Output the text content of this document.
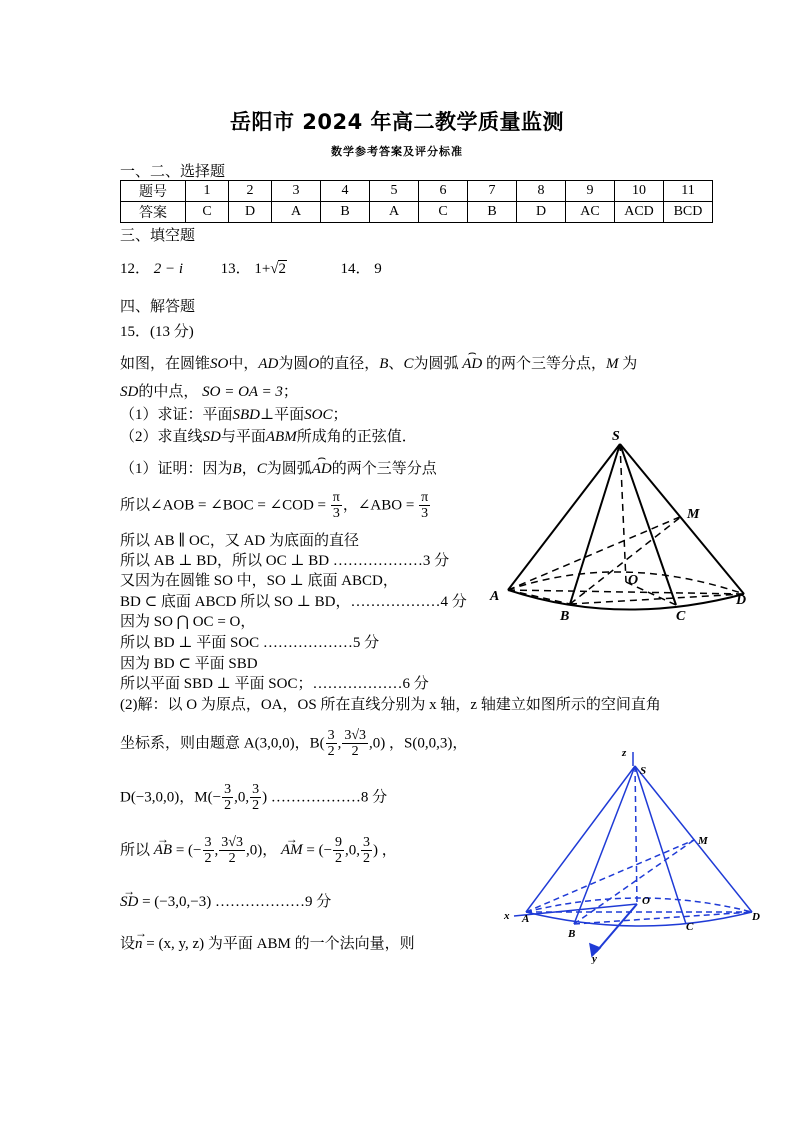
岳阳市 2024 年高二教学质量监测
数学参考答案及评分标准
一、二、选择题
题号	1	2	3	4	5	6	7	8	9	10	11
答案	C	D	A	B	A	C	B	D	AC	ACD	BCD
三、填空题
12． 2 − i	13． 1+√2	14． 9
四、解答题
15．(13 分)
如图，在圆锥SO中，AD为圆O的直径，B、C为圆弧 ⌢ AD 的两个三等分点，M 为
SD的中点， SO = OA = 3；
（1）求证：平面SBD⊥平面SOC；
（2）求直线SD与平面ABM所成角的正弦值．
（1）证明：因为B，C为圆弧⌢ AD的两个三等分点
所以∠AOB = ∠BOC = ∠COD = $\frac{\pi}{3}$ ，∠ABO = $\frac{\pi}{3}$
所以 AB ∥ OC，又 AD 为底面的直径
所以 AB ⊥ BD，所以 OC ⊥ BD ………………3 分
又因为在圆锥 SO 中，SO ⊥ 底面 ABCD，
BD ⊂ 底面 ABCD 所以 SO ⊥ BD，………………4 分
因为 SO ⋂ OC = O，
所以 BD ⊥ 平面 SOC ………………5 分
因为 BD ⊂ 平面 SBD
所以平面 SBD ⊥ 平面 SOC；………………6 分
(2)解：以 O 为原点，OA，OS 所在直线分别为 x 轴，z 轴建立如图所示的空间直角
坐标系，则由题意 A(3,0,0)，$B( \frac{3}{2}$ , $\frac{3√3}{2} ,0$) ，S(0,0,3)，
D(−3,0,0)，$M(- \frac{3}{2} ,0$, $\frac{3}{2}$ ) ………………8 分
所以 → AB = (− $\frac{3}{2}$ , $\frac{3√3}{2} ,0$)， → AM = (− $\frac{9}{2} ,0$, $\frac{3}{2}$ ) ，
→ SD = (−3,0,−3) ………………9 分
设→ n = (x, y, z) 为平面 ABM 的一个法向量，则
S
M
O
A
B	C
D
z
S
M
O
x A
B
C
D
y
